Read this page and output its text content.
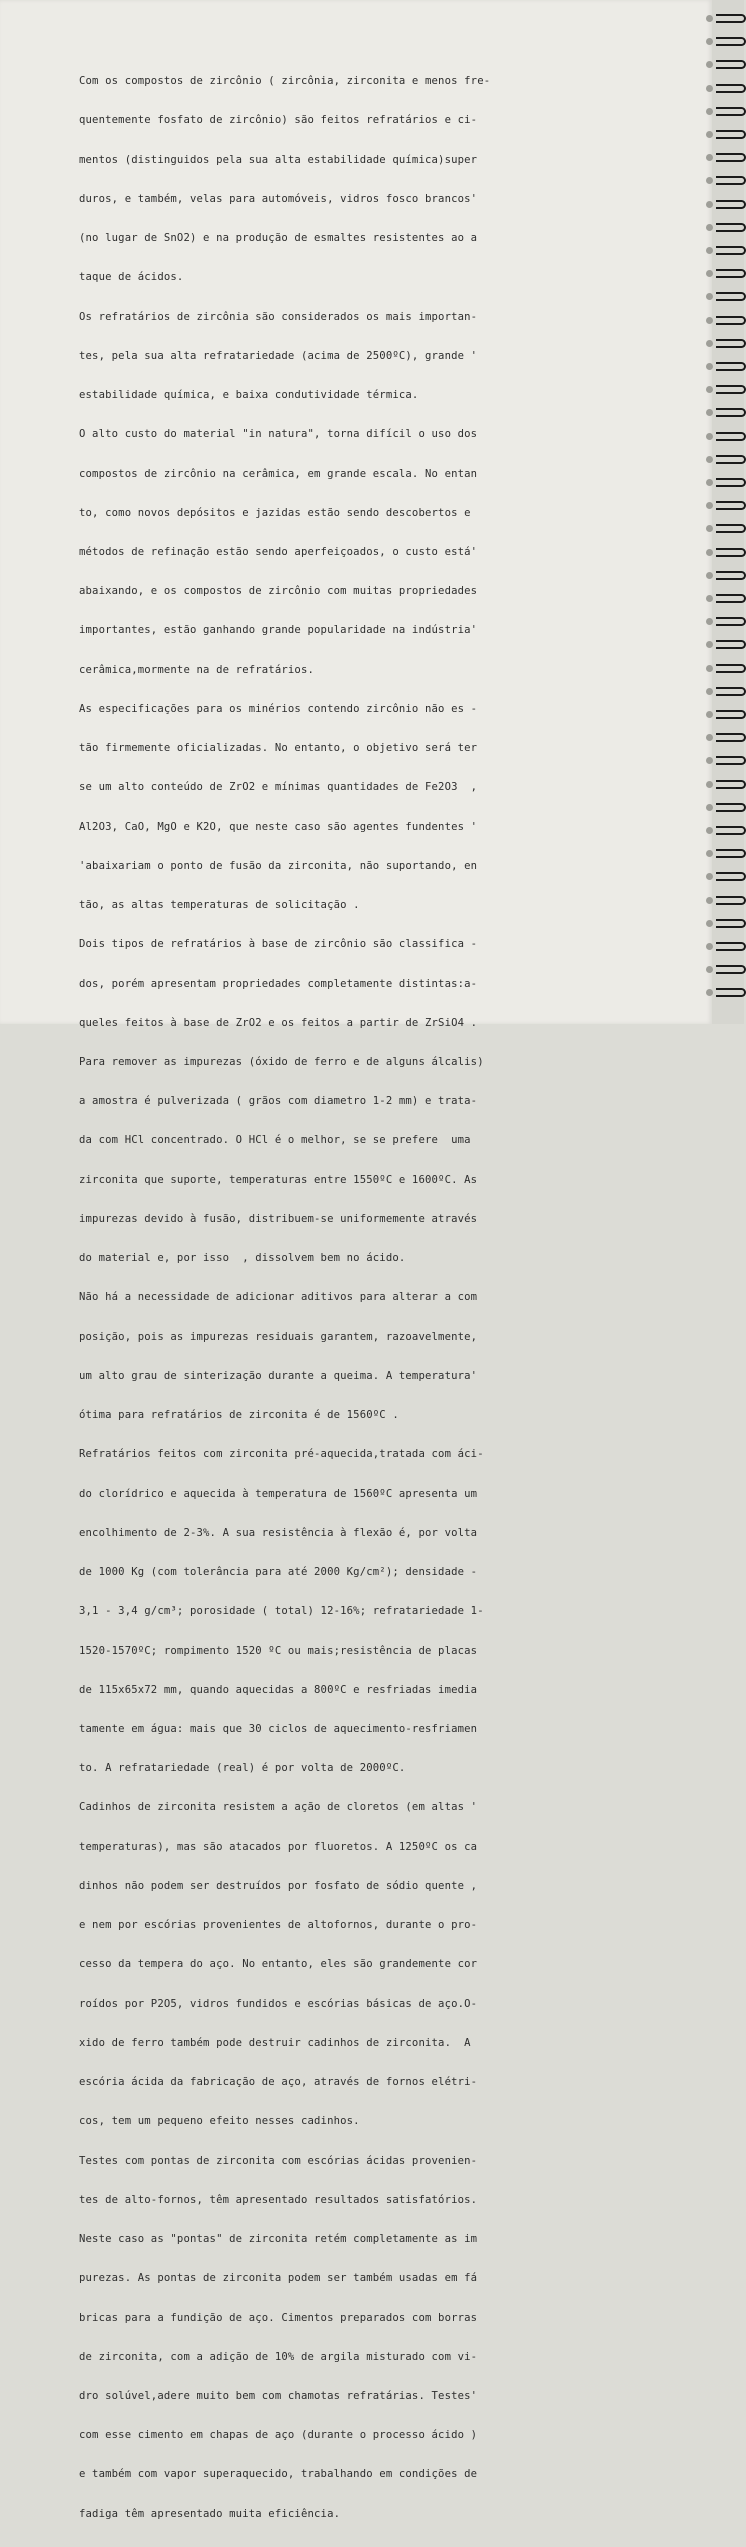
Com os compostos de zircônio ( zircônia, zirconita e menos fre-

quentemente fosfato de zircônio) são feitos refratários e ci-

mentos (distinguidos pela sua alta estabilidade química)super

duros, e também, velas para automóveis, vidros fosco brancos'

(no lugar de SnO2) e na produção de esmaltes resistentes ao a

taque de ácidos.

Os refratários de zircônia são considerados os mais importan-

tes, pela sua alta refratariedade (acima de 2500ºC), grande '

estabilidade química, e baixa condutividade térmica.

O alto custo do material "in natura", torna difícil o uso dos

compostos de zircônio na cerâmica, em grande escala. No entan

to, como novos depósitos e jazidas estão sendo descobertos e

métodos de refinação estão sendo aperfeiçoados, o custo está'

abaixando, e os compostos de zircônio com muitas propriedades

importantes, estão ganhando grande popularidade na indústria'

cerâmica,mormente na de refratários.

As especificações para os minérios contendo zircônio não es -

tão firmemente oficializadas. No entanto, o objetivo será ter

se um alto conteúdo de ZrO2 e mínimas quantidades de Fe2O3  ,

Al2O3, CaO, MgO e K2O, que neste caso são agentes fundentes '

'abaixariam o ponto de fusão da zirconita, não suportando, en

tão, as altas temperaturas de solicitação .

Dois tipos de refratários à base de zircônio são classifica -

dos, porém apresentam propriedades completamente distintas:a-

queles feitos à base de ZrO2 e os feitos a partir de ZrSiO4 .

Para remover as impurezas (óxido de ferro e de alguns álcalis)

a amostra é pulverizada ( grãos com diametro 1-2 mm) e trata-

da com HCl concentrado. O HCl é o melhor, se se prefere  uma

zirconita que suporte, temperaturas entre 1550ºC e 1600ºC. As

impurezas devido à fusão, distribuem-se uniformemente através

do material e, por isso  , dissolvem bem no ácido.

Não há a necessidade de adicionar aditivos para alterar a com

posição, pois as impurezas residuais garantem, razoavelmente,

um alto grau de sinterização durante a queima. A temperatura'

ótima para refratários de zirconita é de 1560ºC .

Refratários feitos com zirconita pré-aquecida,tratada com áci-

do clorídrico e aquecida à temperatura de 1560ºC apresenta um

encolhimento de 2-3%. A sua resistência à flexão é, por volta

de 1000 Kg (com tolerância para até 2000 Kg/cm²); densidade -

3,1 - 3,4 g/cm³; porosidade ( total) 12-16%; refratariedade 1-

1520-1570ºC; rompimento 1520 ºC ou mais;resistência de placas

de 115x65x72 mm, quando aquecidas a 800ºC e resfriadas imedia

tamente em água: mais que 30 ciclos de aquecimento-resfriamen

to. A refratariedade (real) é por volta de 2000ºC.

Cadinhos de zirconita resistem a ação de cloretos (em altas '

temperaturas), mas são atacados por fluoretos. A 1250ºC os ca

dinhos não podem ser destruídos por fosfato de sódio quente ,

e nem por escórias provenientes de altofornos, durante o pro-

cesso da tempera do aço. No entanto, eles são grandemente cor

roídos por P2O5, vidros fundidos e escórias básicas de aço.O-

xido de ferro também pode destruir cadinhos de zirconita.  A

escória ácida da fabricação de aço, através de fornos elétri-

cos, tem um pequeno efeito nesses cadinhos.

Testes com pontas de zirconita com escórias ácidas provenien-

tes de alto-fornos, têm apresentado resultados satisfatórios.

Neste caso as "pontas" de zirconita retém completamente as im

purezas. As pontas de zirconita podem ser também usadas em fá

bricas para a fundição de aço. Cimentos preparados com borras

de zirconita, com a adição de 10% de argila misturado com vi-

dro solúvel,adere muito bem com chamotas refratárias. Testes'

com esse cimento em chapas de aço (durante o processo ácido )

e também com vapor superaquecido, trabalhando em condições de

fadiga têm apresentado muita eficiência.
